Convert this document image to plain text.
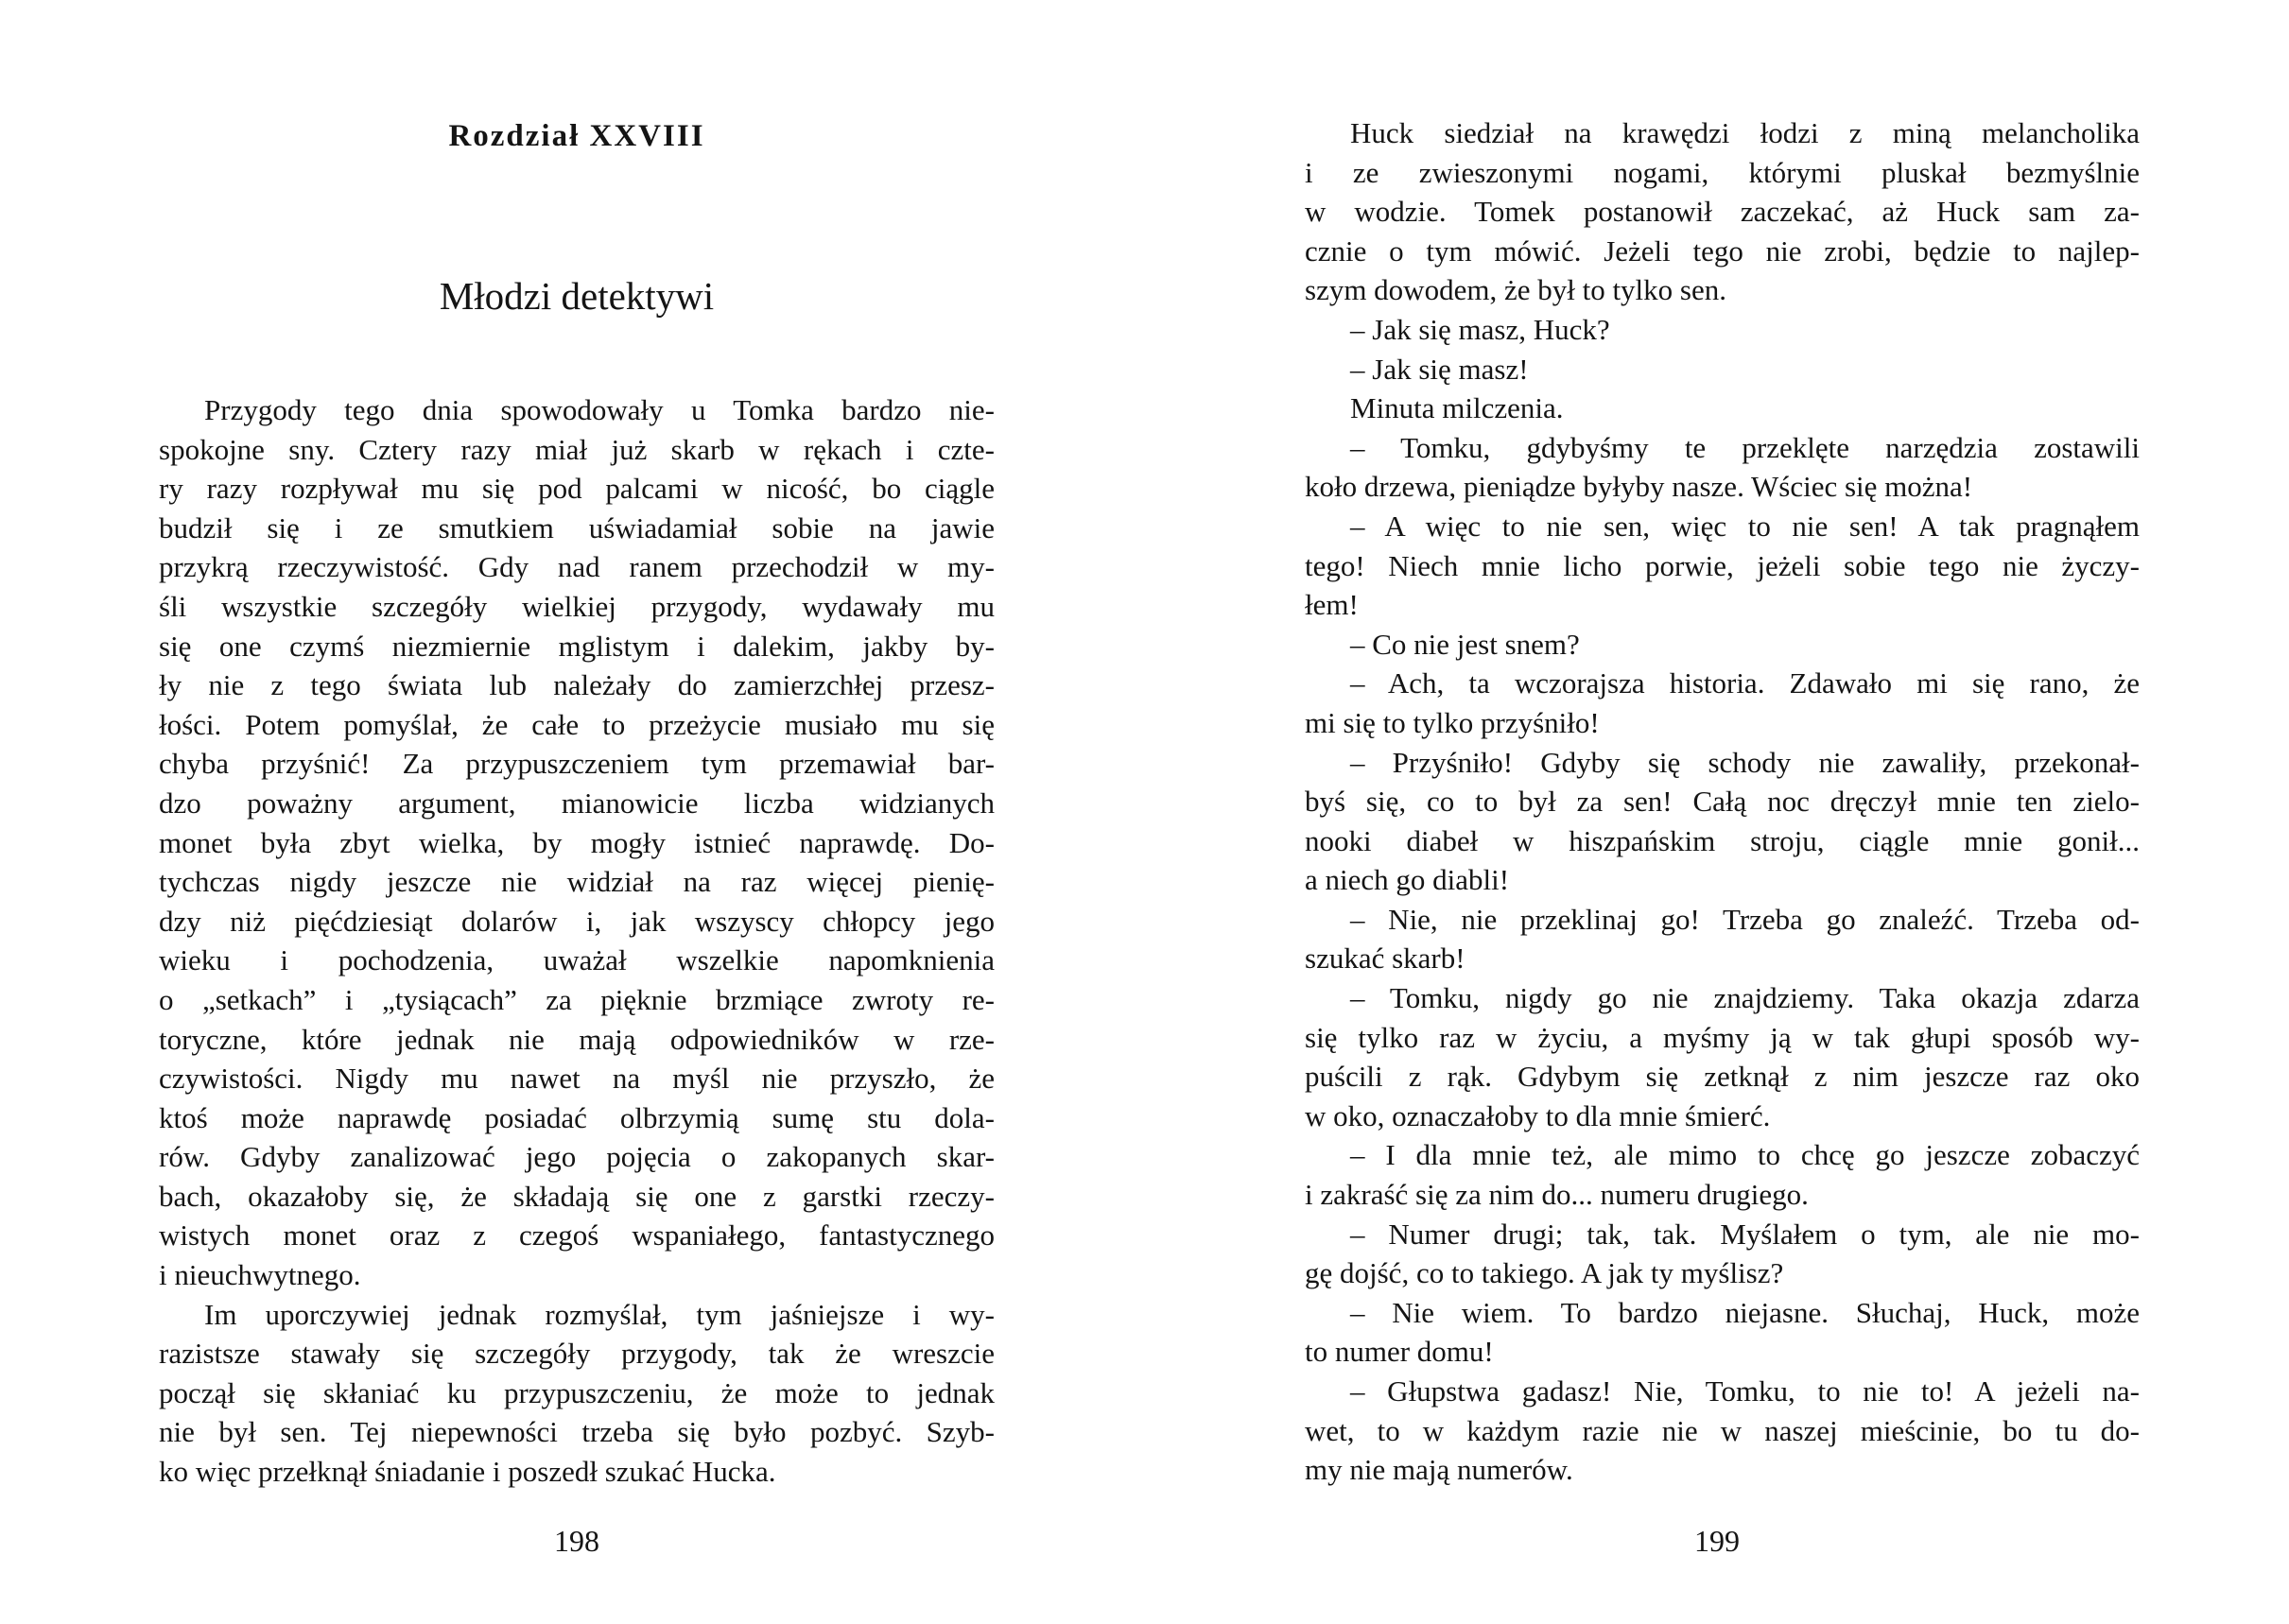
Rozdział XXVIII
Młodzi detektywi
Przygody tego dnia spowodowały u Tomka bardzo nie-
spokojne sny. Cztery razy miał już skarb w rękach i czte-
ry razy rozpływał mu się pod palcami w nicość, bo ciągle
budził się i ze smutkiem uświadamiał sobie na jawie
przykrą rzeczywistość. Gdy nad ranem przechodził w my-
śli wszystkie szczegóły wielkiej przygody, wydawały mu
się one czymś niezmiernie mglistym i dalekim, jakby by-
ły nie z tego świata lub należały do zamierzchłej przesz-
łości. Potem pomyślał, że całe to przeżycie musiało mu się
chyba przyśnić! Za przypuszczeniem tym przemawiał bar-
dzo poważny argument, mianowicie liczba widzianych
monet była zbyt wielka, by mogły istnieć naprawdę. Do-
tychczas nigdy jeszcze nie widział na raz więcej pienię-
dzy niż pięćdziesiąt dolarów i, jak wszyscy chłopcy jego
wieku i pochodzenia, uważał wszelkie napomknienia
o „setkach” i „tysiącach” za pięknie brzmiące zwroty re-
toryczne, które jednak nie mają odpowiedników w rze-
czywistości. Nigdy mu nawet na myśl nie przyszło, że
ktoś może naprawdę posiadać olbrzymią sumę stu dola-
rów. Gdyby zanalizować jego pojęcia o zakopanych skar-
bach, okazałoby się, że składają się one z garstki rzeczy-
wistych monet oraz z czegoś wspaniałego, fantastycznego
i nieuchwytnego.
Im uporczywiej jednak rozmyślał, tym jaśniejsze i wy-
razistsze stawały się szczegóły przygody, tak że wreszcie
począł się skłaniać ku przypuszczeniu, że może to jednak
nie był sen. Tej niepewności trzeba się było pozbyć. Szyb-
ko więc przełknął śniadanie i poszedł szukać Hucka.
198
Huck siedział na krawędzi łodzi z miną melancholika
i ze zwieszonymi nogami, którymi pluskał bezmyślnie
w wodzie. Tomek postanowił zaczekać, aż Huck sam za-
cznie o tym mówić. Jeżeli tego nie zrobi, będzie to najlep-
szym dowodem, że był to tylko sen.
– Jak się masz, Huck?
– Jak się masz!
Minuta milczenia.
– Tomku, gdybyśmy te przeklęte narzędzia zostawili
koło drzewa, pieniądze byłyby nasze. Wściec się można!
– A więc to nie sen, więc to nie sen! A tak pragnąłem
tego! Niech mnie licho porwie, jeżeli sobie tego nie życzy-
łem!
– Co nie jest snem?
– Ach, ta wczorajsza historia. Zdawało mi się rano, że
mi się to tylko przyśniło!
– Przyśniło! Gdyby się schody nie zawaliły, przekonał-
byś się, co to był za sen! Całą noc dręczył mnie ten zielo-
nooki diabeł w hiszpańskim stroju, ciągle mnie gonił...
a niech go diabli!
– Nie, nie przeklinaj go! Trzeba go znaleźć. Trzeba od-
szukać skarb!
– Tomku, nigdy go nie znajdziemy. Taka okazja zdarza
się tylko raz w życiu, a myśmy ją w tak głupi sposób wy-
puścili z rąk. Gdybym się zetknął z nim jeszcze raz oko
w oko, oznaczałoby to dla mnie śmierć.
– I dla mnie też, ale mimo to chcę go jeszcze zobaczyć
i zakraść się za nim do... numeru drugiego.
– Numer drugi; tak, tak. Myślałem o tym, ale nie mo-
gę dojść, co to takiego. A jak ty myślisz?
– Nie wiem. To bardzo niejasne. Słuchaj, Huck, może
to numer domu!
– Głupstwa gadasz! Nie, Tomku, to nie to! A jeżeli na-
wet, to w każdym razie nie w naszej mieścinie, bo tu do-
my nie mają numerów.
199
